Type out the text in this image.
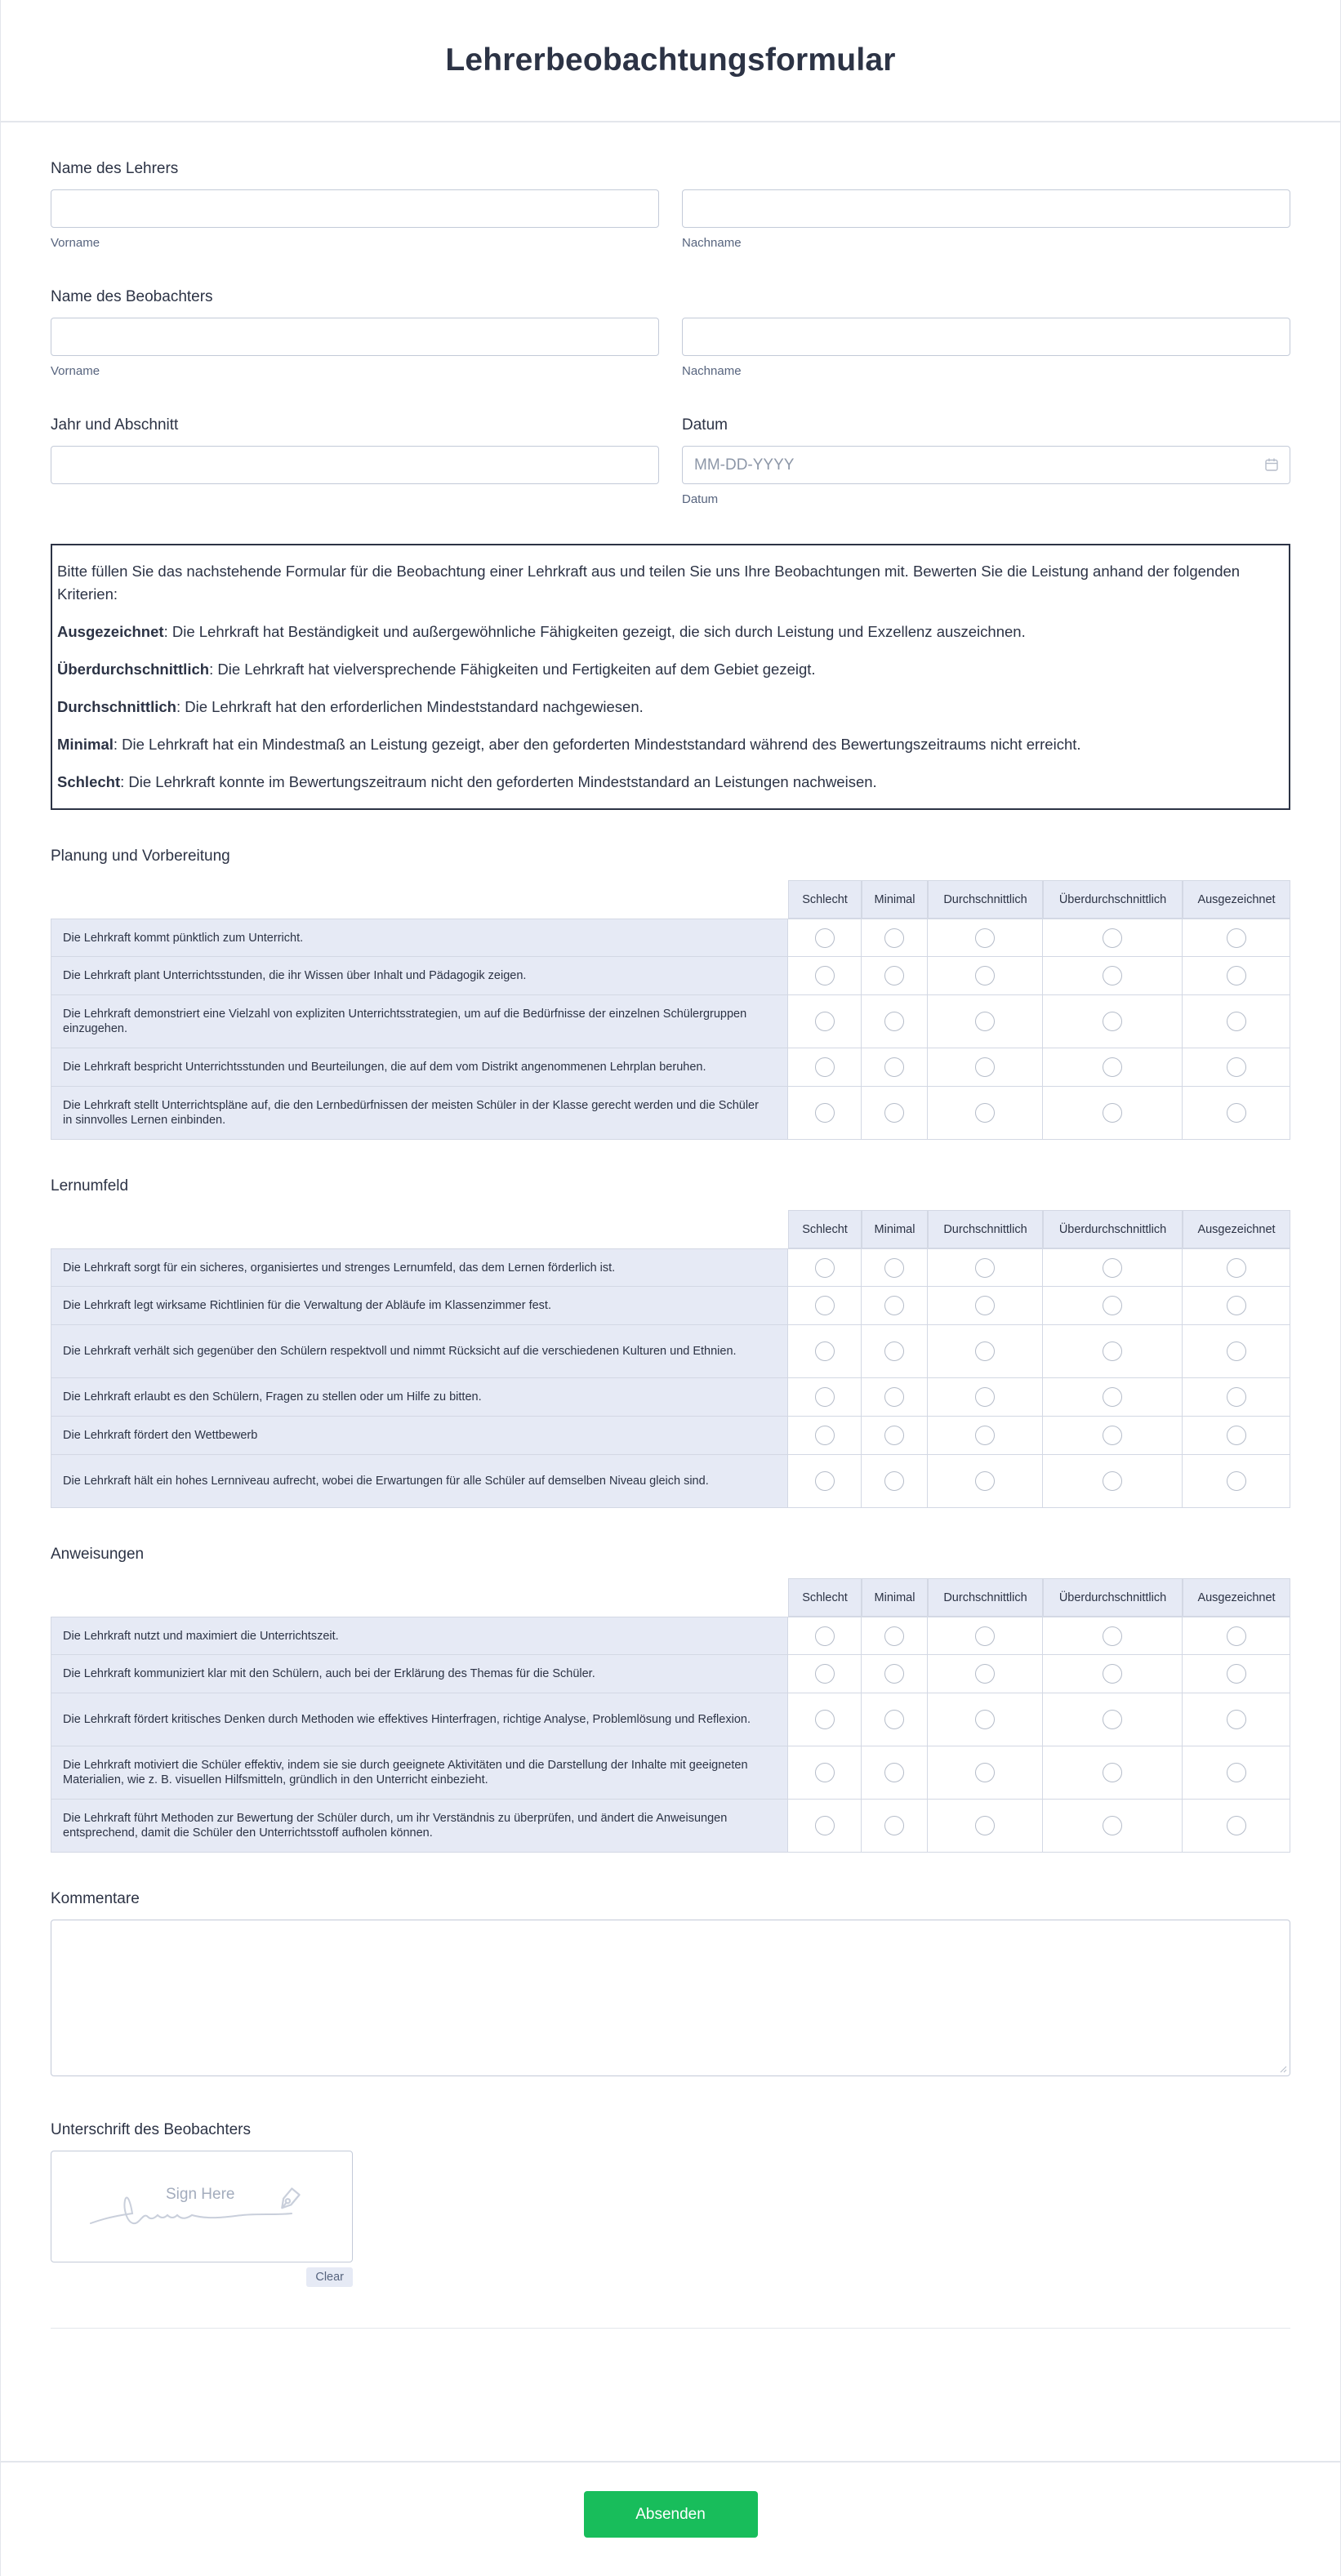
Lehrerbeobachtungsformular
Name des Lehrers
Vorname	Nachname
Name des Beobachters
Vorname	Nachname
Jahr und Abschnitt	Datum
MM-DD-YYYY
Datum

Bitte füllen Sie das nachstehende Formular für die Beobachtung einer Lehrkraft aus und teilen Sie uns Ihre Beobachtungen mit. Bewerten Sie die Leistung anhand der folgenden Kriterien:

Ausgezeichnet: Die Lehrkraft hat Beständigkeit und außergewöhnliche Fähigkeiten gezeigt, die sich durch Leistung und Exzellenz auszeichnen.

Überdurchschnittlich: Die Lehrkraft hat vielversprechende Fähigkeiten und Fertigkeiten auf dem Gebiet gezeigt.

Durchschnittlich: Die Lehrkraft hat den erforderlichen Mindeststandard nachgewiesen.

Minimal: Die Lehrkraft hat ein Mindestmaß an Leistung gezeigt, aber den geforderten Mindeststandard während des Bewertungszeitraums nicht erreicht.

Schlecht: Die Lehrkraft konnte im Bewertungszeitraum nicht den geforderten Mindeststandard an Leistungen nachweisen.

Planung und Vorbereitung
	Schlecht	Minimal	Durchschnittlich	Überdurchschnittlich	Ausgezeichnet
Die Lehrkraft kommt pünktlich zum Unterricht.					
Die Lehrkraft plant Unterrichtsstunden, die ihr Wissen über Inhalt und Pädagogik zeigen.					
Die Lehrkraft demonstriert eine Vielzahl von expliziten Unterrichtsstrategien, um auf die Bedürfnisse der einzelnen Schülergruppen einzugehen.					
Die Lehrkraft bespricht Unterrichtsstunden und Beurteilungen, die auf dem vom Distrikt angenommenen Lehrplan beruhen.					
Die Lehrkraft stellt Unterrichtspläne auf, die den Lernbedürfnissen der meisten Schüler in der Klasse gerecht werden und die Schüler in sinnvolles Lernen einbinden.					
Lernumfeld
	Schlecht	Minimal	Durchschnittlich	Überdurchschnittlich	Ausgezeichnet
Die Lehrkraft sorgt für ein sicheres, organisiertes und strenges Lernumfeld, das dem Lernen förderlich ist.					
Die Lehrkraft legt wirksame Richtlinien für die Verwaltung der Abläufe im Klassenzimmer fest.					
Die Lehrkraft verhält sich gegenüber den Schülern respektvoll und nimmt Rücksicht auf die verschiedenen Kulturen und Ethnien.					
Die Lehrkraft erlaubt es den Schülern, Fragen zu stellen oder um Hilfe zu bitten.					
Die Lehrkraft fördert den Wettbewerb					
Die Lehrkraft hält ein hohes Lernniveau aufrecht, wobei die Erwartungen für alle Schüler auf demselben Niveau gleich sind.					
Anweisungen
	Schlecht	Minimal	Durchschnittlich	Überdurchschnittlich	Ausgezeichnet
Die Lehrkraft nutzt und maximiert die Unterrichtszeit.					
Die Lehrkraft kommuniziert klar mit den Schülern, auch bei der Erklärung des Themas für die Schüler.					
Die Lehrkraft fördert kritisches Denken durch Methoden wie effektives Hinterfragen, richtige Analyse, Problemlösung und Reflexion.					
Die Lehrkraft motiviert die Schüler effektiv, indem sie sie durch geeignete Aktivitäten und die Darstellung der Inhalte mit geeigneten Materialien, wie z. B. visuellen Hilfsmitteln, gründlich in den Unterricht einbezieht.					
Die Lehrkraft führt Methoden zur Bewertung der Schüler durch, um ihr Verständnis zu überprüfen, und ändert die Anweisungen entsprechend, damit die Schüler den Unterrichtsstoff aufholen können.					
Kommentare
Unterschrift des Beobachters
Sign Here
Clear
Absenden
